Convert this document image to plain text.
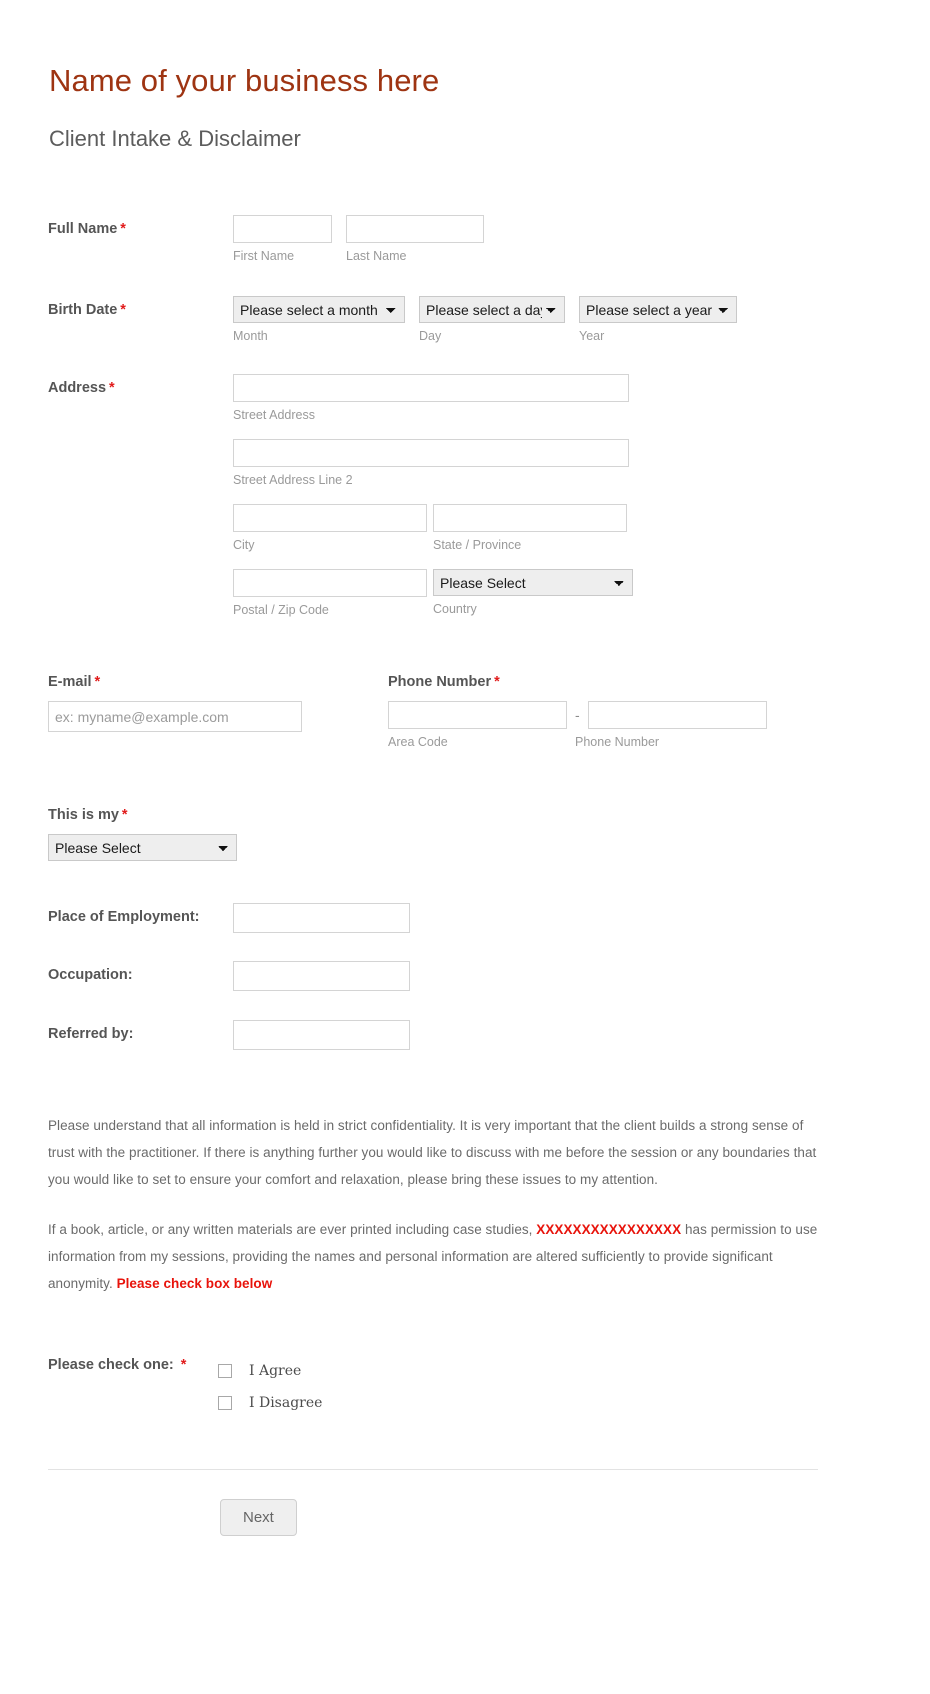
Name of your business here
Client Intake & Disclaimer
Full Name *
First Name	Last Name
Birth Date *
Please select a month
Month
Please select a day	Day
Please select a year	Year
Address *
Street Address
Street Address Line 2
City	State / Province
Postal / Zip Code
Please Select	Country
E-mail *
ex: myname@example.com	Phone Number *
-
Area Code	Phone Number
This is my *
Please Select
Place of Employment:
Occupation:
Referred by:

Please understand that all information is held in strict confidentiality. It is very important that the client builds a strong sense of trust with the practitioner. If there is anything further you would like to discuss with me before the session or any boundaries that you would like to set to ensure your comfort and relaxation, please bring these issues to my attention.

If a book, article, or any written materials are ever printed including case studies, XXXXXXXXXXXXXXXX has permission to use information from my sessions, providing the names and personal information are altered sufficiently to provide significant anonymity. Please check box below

Please check one: *	I Agree
I Disagree
Next
